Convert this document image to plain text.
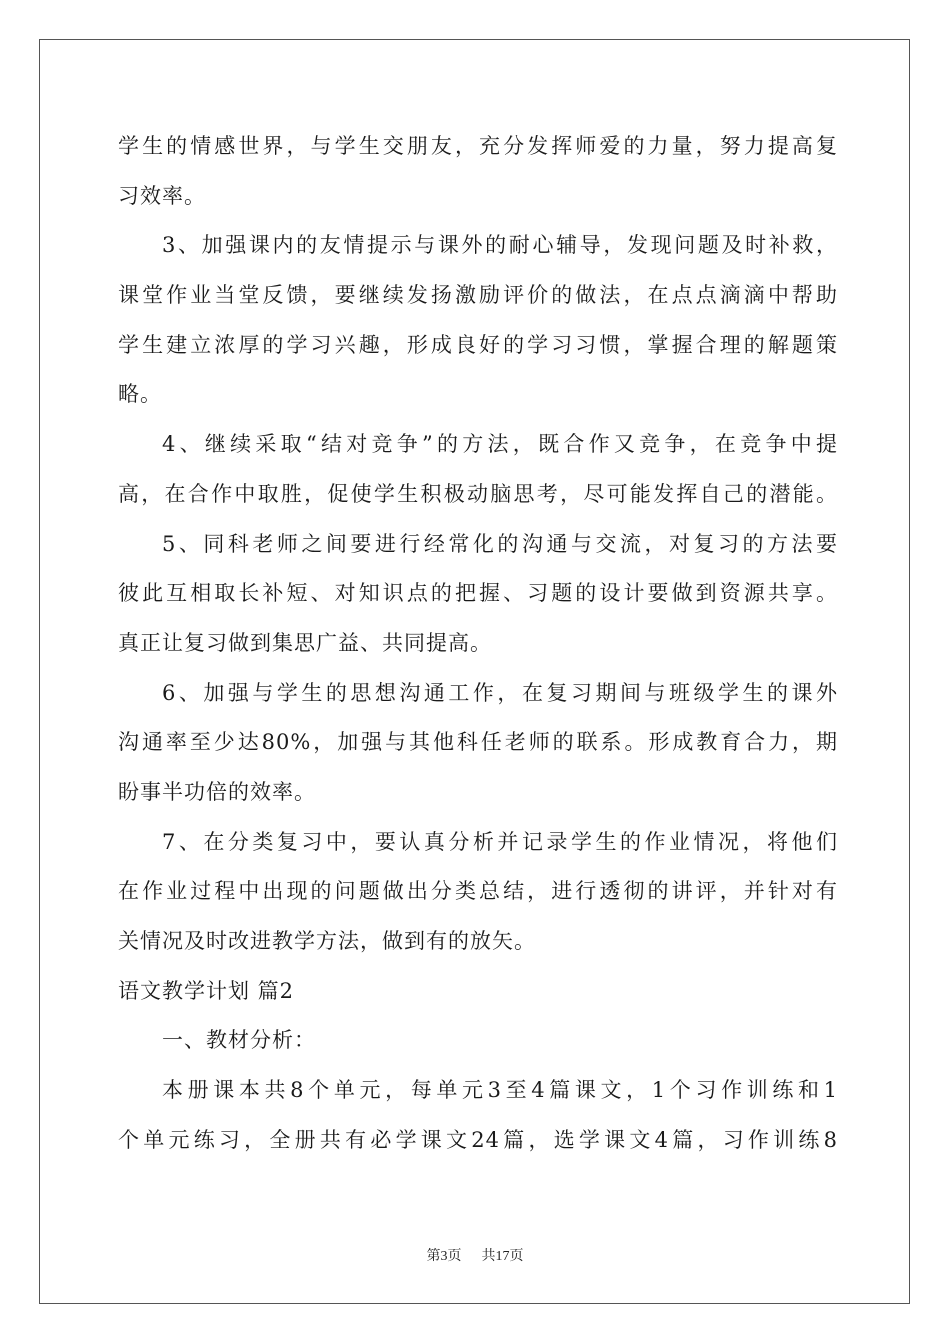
学生的情感世界，与学生交朋友，充分发挥师爱的力量，努力提高复
习效率。
3、加强课内的友情提示与课外的耐心辅导，发现问题及时补救，
课堂作业当堂反馈，要继续发扬激励评价的做法，在点点滴滴中帮助
学生建立浓厚的学习兴趣，形成良好的学习习惯，掌握合理的解题策
略。
4、继续采取“结对竞争”的方法，既合作又竞争，在竞争中提
高，在合作中取胜，促使学生积极动脑思考，尽可能发挥自己的潜能。
5、同科老师之间要进行经常化的沟通与交流，对复习的方法要
彼此互相取长补短、对知识点的把握、习题的设计要做到资源共享。
真正让复习做到集思广益、共同提高。
6、加强与学生的思想沟通工作，在复习期间与班级学生的课外
沟通率至少达80%，加强与其他科任老师的联系。形成教育合力，期
盼事半功倍的效率。
7、在分类复习中，要认真分析并记录学生的作业情况，将他们
在作业过程中出现的问题做出分类总结，进行透彻的讲评，并针对有
关情况及时改进教学方法，做到有的放矢。
语文教学计划 篇2
一、教材分析：
本册课本共8个单元，每单元3至4篇课文，1个习作训练和1
个单元练习，全册共有必学课文24篇，选学课文4篇，习作训练8
第3页 共17页
